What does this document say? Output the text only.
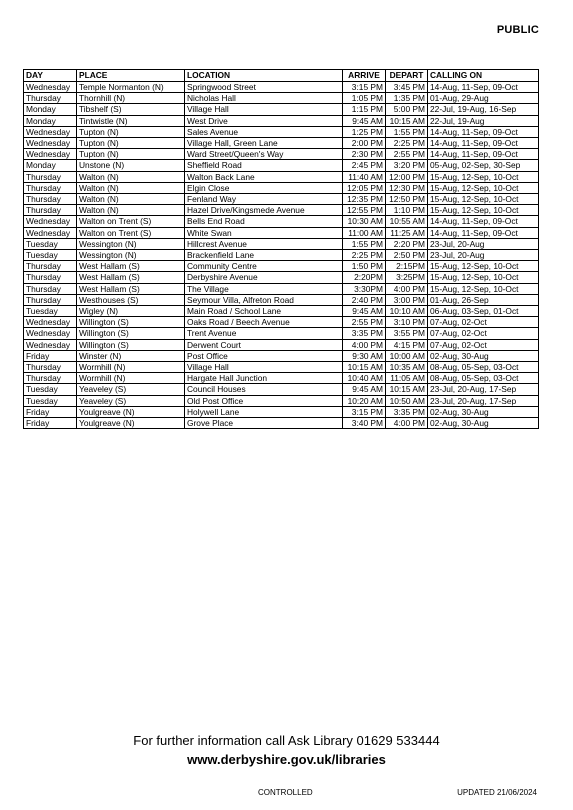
PUBLIC
DAY	PLACE	LOCATION	ARRIVE	DEPART	CALLING ON
Wednesday	Temple Normanton (N)	Springwood Street	3:15 PM	3:45 PM	14-Aug, 11-Sep, 09-Oct
Thursday	Thornhill (N)	Nicholas Hall	1:05 PM	1:35 PM	01-Aug, 29-Aug
Monday	Tibshelf (S)	Village Hall	1:15 PM	5:00 PM	22-Jul, 19-Aug, 16-Sep
Monday	Tintwistle (N)	West Drive	9:45 AM	10:15 AM	22-Jul, 19-Aug
Wednesday	Tupton (N)	Sales Avenue	1:25 PM	1:55 PM	14-Aug, 11-Sep, 09-Oct
Wednesday	Tupton (N)	Village Hall, Green Lane	2:00 PM	2:25 PM	14-Aug, 11-Sep, 09-Oct
Wednesday	Tupton (N)	Ward Street/Queen's Way	2:30 PM	2:55 PM	14-Aug, 11-Sep, 09-Oct
Monday	Unstone (N)	Sheffield Road	2:45 PM	3:20 PM	05-Aug, 02-Sep, 30-Sep
Thursday	Walton (N)	Walton Back Lane	11:40 AM	12:00 PM	15-Aug, 12-Sep, 10-Oct
Thursday	Walton (N)	Elgin Close	12:05 PM	12:30 PM	15-Aug, 12-Sep, 10-Oct
Thursday	Walton (N)	Fenland Way	12:35 PM	12:50 PM	15-Aug, 12-Sep, 10-Oct
Thursday	Walton (N)	Hazel Drive/Kingsmede Avenue	12:55 PM	1:10 PM	15-Aug, 12-Sep, 10-Oct
Wednesday	Walton on Trent (S)	Bells End Road	10:30 AM	10:55 AM	14-Aug, 11-Sep, 09-Oct
Wednesday	Walton on Trent (S)	White Swan	11:00 AM	11:25 AM	14-Aug, 11-Sep, 09-Oct
Tuesday	Wessington (N)	Hillcrest Avenue	1:55 PM	2:20 PM	23-Jul, 20-Aug
Tuesday	Wessington (N)	Brackenfield Lane	2:25 PM	2:50 PM	23-Jul, 20-Aug
Thursday	West Hallam (S)	Community Centre	1:50 PM	2:15PM	15-Aug, 12-Sep, 10-Oct
Thursday	West Hallam (S)	Derbyshire Avenue	2:20PM	3:25PM	15-Aug, 12-Sep, 10-Oct
Thursday	West Hallam (S)	The Village	3:30PM	4:00 PM	15-Aug, 12-Sep, 10-Oct
Thursday	Westhouses (S)	Seymour Villa, Alfreton Road	2:40 PM	3:00 PM	01-Aug, 26-Sep
Tuesday	Wigley (N)	Main Road / School Lane	9:45 AM	10:10 AM	06-Aug, 03-Sep, 01-Oct
Wednesday	Willington (S)	Oaks Road / Beech Avenue	2:55 PM	3:10 PM	07-Aug, 02-Oct
Wednesday	Willington (S)	Trent Avenue	3:35 PM	3:55 PM	07-Aug, 02-Oct
Wednesday	Willington (S)	Derwent Court	4:00 PM	4:15 PM	07-Aug, 02-Oct
Friday	Winster (N)	Post Office	9:30 AM	10:00 AM	02-Aug, 30-Aug
Thursday	Wormhill (N)	Village Hall	10:15 AM	10:35 AM	08-Aug, 05-Sep, 03-Oct
Thursday	Wormhill (N)	Hargate Hall Junction	10:40 AM	11:05 AM	08-Aug, 05-Sep, 03-Oct
Tuesday	Yeaveley (S)	Council Houses	9:45 AM	10:15 AM	23-Jul, 20-Aug, 17-Sep
Tuesday	Yeaveley (S)	Old Post Office	10:20 AM	10:50 AM	23-Jul, 20-Aug, 17-Sep
Friday	Youlgreave (N)	Holywell Lane	3:15 PM	3:35 PM	02-Aug, 30-Aug
Friday	Youlgreave (N)	Grove Place	3:40 PM	4:00 PM	02-Aug, 30-Aug
For further information call Ask Library 01629 533444
www.derbyshire.gov.uk/libraries
CONTROLLED	UPDATED 21/06/2024
